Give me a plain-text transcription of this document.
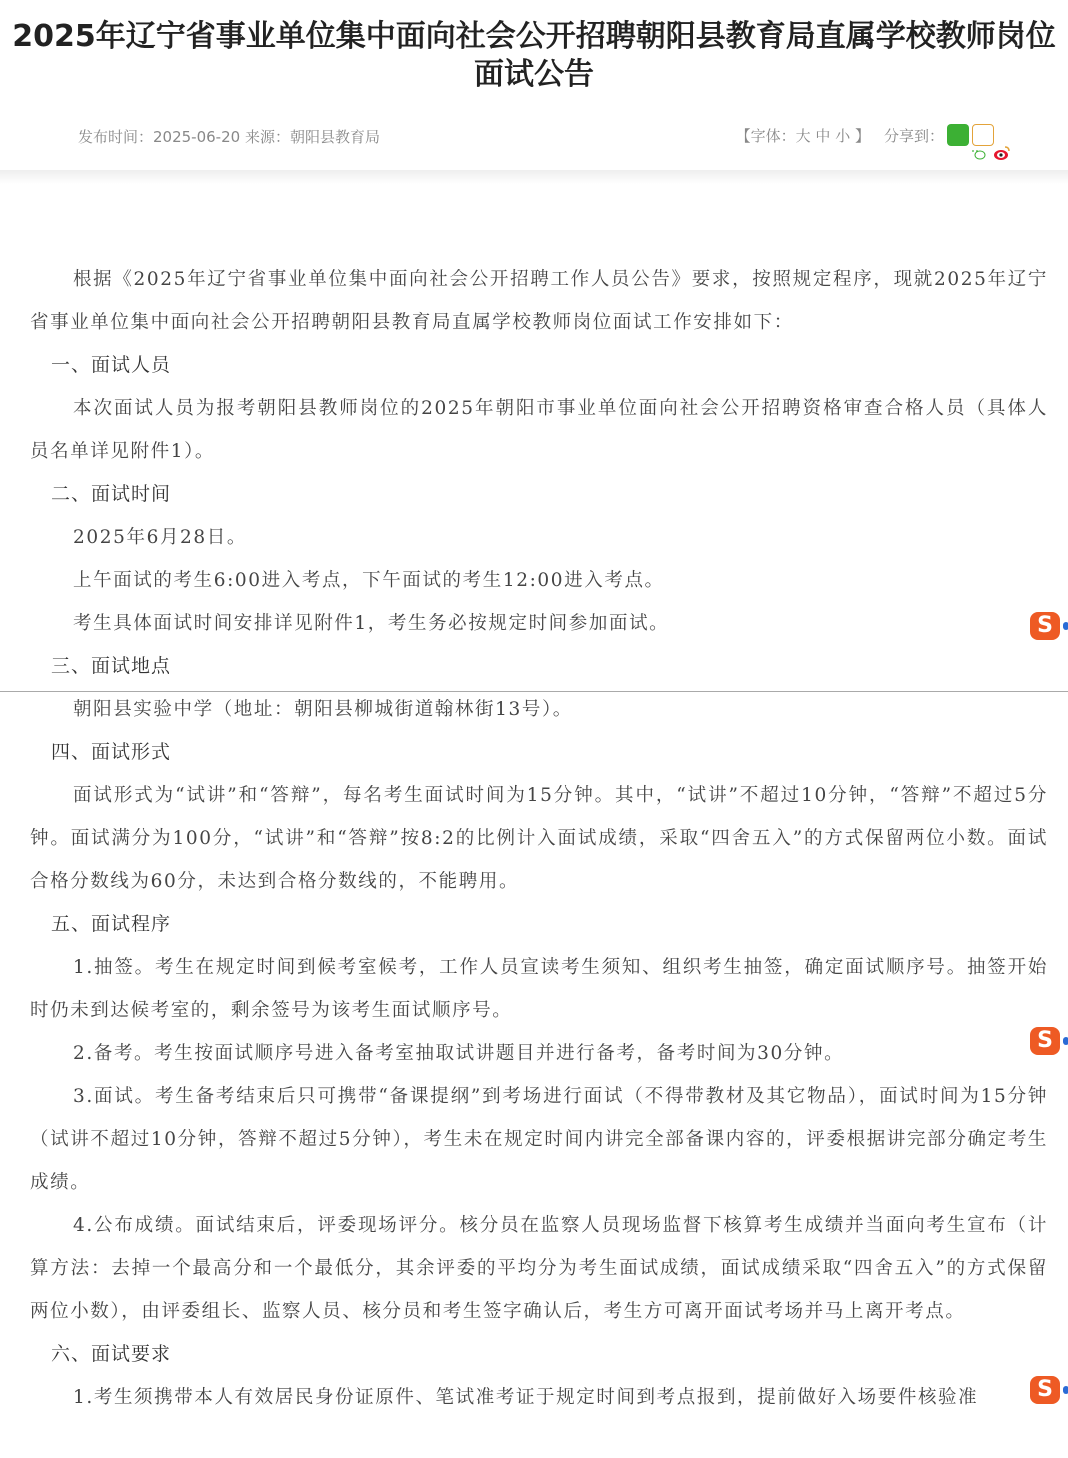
2025年辽宁省事业单位集中面向社会公开招聘朝阳县教育局直属学校教师岗位面试公告
发布时间：2025-06-20 来源：朝阳县教育局	【字体： 大
中
小 】 分享到：

根据《2025年辽宁省事业单位集中面向社会公开招聘工作人员公告》要求，按照规定程序，现就2025年辽宁省事业单位集中面向社会公开招聘朝阳县教育局直属学校教师岗位面试工作安排如下：

一、面试人员

本次面试人员为报考朝阳县教师岗位的2025年朝阳市事业单位面向社会公开招聘资格审查合格人员（具体人员名单详见附件1）。

二、面试时间

2025年6月28日。

上午面试的考生6:00进入考点，下午面试的考生12:00进入考点。

考生具体面试时间安排详见附件1，考生务必按规定时间参加面试。

三、面试地点

朝阳县实验中学（地址：朝阳县柳城街道翰林街13号）。

四、面试形式

面试形式为“试讲”和“答辩”，每名考生面试时间为15分钟。其中，“试讲”不超过10分钟，“答辩”不超过5分钟。面试满分为100分，“试讲”和“答辩”按8:2的比例计入面试成绩，采取“四舍五入”的方式保留两位小数。面试合格分数线为60分，未达到合格分数线的，不能聘用。

五、面试程序

1.抽签。考生在规定时间到候考室候考，工作人员宣读考生须知、组织考生抽签，确定面试顺序号。抽签开始时仍未到达候考室的，剩余签号为该考生面试顺序号。

2.备考。考生按面试顺序号进入备考室抽取试讲题目并进行备考，备考时间为30分钟。

3.面试。考生备考结束后只可携带“备课提纲”到考场进行面试（不得带教材及其它物品），面试时间为15分钟（试讲不超过10分钟，答辩不超过5分钟），考生未在规定时间内讲完全部备课内容的，评委根据讲完部分确定考生成绩。

4.公布成绩。面试结束后，评委现场评分。核分员在监察人员现场监督下核算考生成绩并当面向考生宣布（计算方法：去掉一个最高分和一个最低分，其余评委的平均分为考生面试成绩，面试成绩采取“四舍五入”的方式保留两位小数），由评委组长、监察人员、核分员和考生签字确认后，考生方可离开面试考场并马上离开考点。

六、面试要求

1.考生须携带本人有效居民身份证原件、笔试准考证于规定时间到考点报到，提前做好入场要件核验准

S
S
S
